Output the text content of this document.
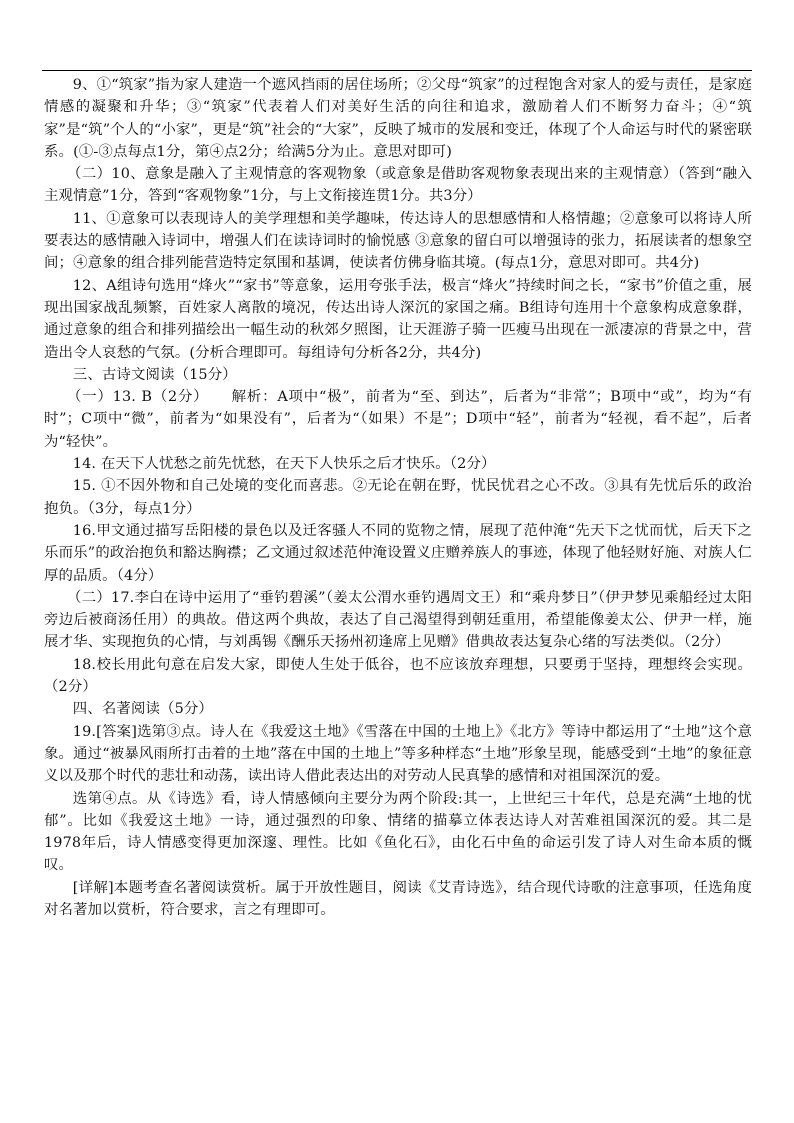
9、①“筑家”指为家人建造一个遮风挡雨的居住场所；②父母“筑家”的过程饱含对家人的爱与责任，是家庭情感的凝聚和升华；③“筑家”代表着人们对美好生活的向往和追求，激励着人们不断努力奋斗；④“筑家”是“筑”个人的“小家”，更是“筑”社会的“大家”，反映了城市的发展和变迁，体现了个人命运与时代的紧密联系。(①-③点每点1分，第④点2分；给满5分为止。意思对即可)

（二）10、意象是融入了主观情意的客观物象（或意象是借助客观物象表现出来的主观情意）（答到“融入主观情意”1分，答到“客观物象”1分，与上文衔接连贯1分。共3分）

11、①意象可以表现诗人的美学理想和美学趣味，传达诗人的思想感情和人格情趣；②意象可以将诗人所要表达的感情融入诗词中，增强人们在读诗词时的愉悦感 ③意象的留白可以增强诗的张力，拓展读者的想象空间；④意象的组合排列能营造特定氛围和基调，使读者仿佛身临其境。(每点1分，意思对即可。共4分)

12、A组诗句选用“烽火”“家书”等意象，运用夸张手法，极言“烽火”持续时间之长，“家书”价值之重，展现出国家战乱频繁，百姓家人离散的境况，传达出诗人深沉的家国之痛。B组诗句连用十个意象构成意象群，通过意象的组合和排列描绘出一幅生动的秋郊夕照图，让天涯游子骑一匹瘦马出现在一派凄凉的背景之中，营造出令人哀愁的气氛。(分析合理即可。每组诗句分析各2分，共4分)

三、古诗文阅读（15分）

（一）13. B（2分）　　解析：A项中“极”，前者为“至、到达”，后者为“非常”；B项中“或”，均为“有时”；C项中“微”，前者为“如果没有”，后者为“（如果）不是”；D项中“轻”，前者为“轻视，看不起”，后者为“轻快”。

14. 在天下人忧愁之前先忧愁，在天下人快乐之后才快乐。（2分）

15. ①不因外物和自己处境的变化而喜悲。②无论在朝在野，忧民忧君之心不改。③具有先忧后乐的政治抱负。（3分，每点1分）

16.甲文通过描写岳阳楼的景色以及迁客骚人不同的览物之情，展现了范仲淹“先天下之忧而忧，后天下之乐而乐”的政治抱负和豁达胸襟；乙文通过叙述范仲淹设置义庄赠养族人的事迹，体现了他轻财好施、对族人仁厚的品质。（4分）

（二）17.李白在诗中运用了“垂钓碧溪”（姜太公渭水垂钓遇周文王）和“乘舟梦日”（伊尹梦见乘船经过太阳旁边后被商汤任用）的典故。借这两个典故，表达了自己渴望得到朝廷重用，希望能像姜太公、伊尹一样，施展才华、实现抱负的心情，与刘禹锡《酬乐天扬州初逢席上见赠》借典故表达复杂心绪的写法类似。（2分）

18.校长用此句意在启发大家，即使人生处于低谷，也不应该放弃理想，只要勇于坚持，理想终会实现。（2分）

四、名著阅读（5分）

19.[答案]选第③点。诗人在《我爱这土地》《雪落在中国的土地上》《北方》等诗中都运用了“土地”这个意象。通过“被暴风雨所打击着的土地”落在中国的土地上”等多种样态“土地”形象呈现，能感受到“土地”的象征意义以及那个时代的悲壮和动荡，读出诗人借此表达出的对劳动人民真挚的感情和对祖国深沉的爱。

选第④点。从《诗选》看，诗人情感倾向主要分为两个阶段:其一，上世纪三十年代，总是充满“土地的忧郁”。比如《我爱这土地》一诗，通过强烈的印象、情绪的描摹立体表达诗人对苦难祖国深沉的爱。其二是1978年后，诗人情感变得更加深邃、理性。比如《鱼化石》，由化石中鱼的命运引发了诗人对生命本质的慨叹。

[详解]本题考查名著阅读赏析。属于开放性题目，阅读《艾青诗选》，结合现代诗歌的注意事项，任选角度对名著加以赏析，符合要求，言之有理即可。
